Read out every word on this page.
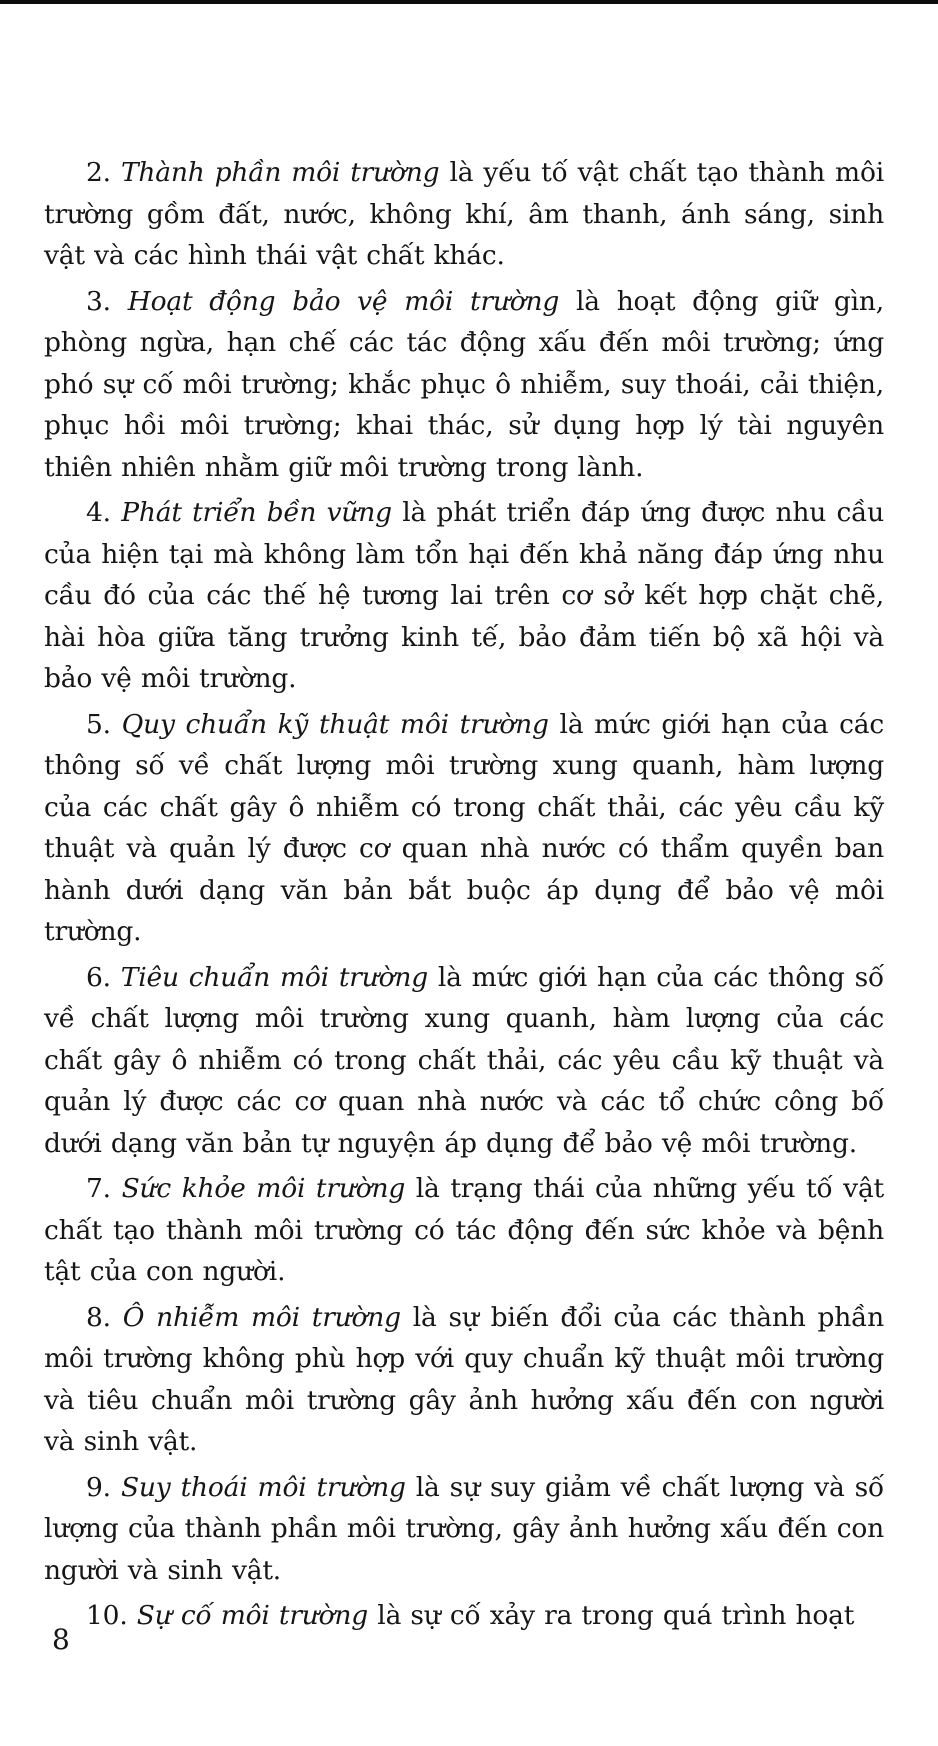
2. Thành phần môi trường là yếu tố vật chất tạo thành môi trường gồm đất, nước, không khí, âm thanh, ánh sáng, sinh vật và các hình thái vật chất khác.

3. Hoạt động bảo vệ môi trường là hoạt động giữ gìn, phòng ngừa, hạn chế các tác động xấu đến môi trường; ứng phó sự cố môi trường; khắc phục ô nhiễm, suy thoái, cải thiện, phục hồi môi trường; khai thác, sử dụng hợp lý tài nguyên thiên nhiên nhằm giữ môi trường trong lành.

4. Phát triển bền vững là phát triển đáp ứng được nhu cầu của hiện tại mà không làm tổn hại đến khả năng đáp ứng nhu cầu đó của các thế hệ tương lai trên cơ sở kết hợp chặt chẽ, hài hòa giữa tăng trưởng kinh tế, bảo đảm tiến bộ xã hội và bảo vệ môi trường.

5. Quy chuẩn kỹ thuật môi trường là mức giới hạn của các thông số về chất lượng môi trường xung quanh, hàm lượng của các chất gây ô nhiễm có trong chất thải, các yêu cầu kỹ thuật và quản lý được cơ quan nhà nước có thẩm quyền ban hành dưới dạng văn bản bắt buộc áp dụng để bảo vệ môi trường.

6. Tiêu chuẩn môi trường là mức giới hạn của các thông số về chất lượng môi trường xung quanh, hàm lượng của các chất gây ô nhiễm có trong chất thải, các yêu cầu kỹ thuật và quản lý được các cơ quan nhà nước và các tổ chức công bố dưới dạng văn bản tự nguyện áp dụng để bảo vệ môi trường.

7. Sức khỏe môi trường là trạng thái của những yếu tố vật chất tạo thành môi trường có tác động đến sức khỏe và bệnh tật của con người.

8. Ô nhiễm môi trường là sự biến đổi của các thành phần môi trường không phù hợp với quy chuẩn kỹ thuật môi trường và tiêu chuẩn môi trường gây ảnh hưởng xấu đến con người và sinh vật.

9. Suy thoái môi trường là sự suy giảm về chất lượng và số lượng của thành phần môi trường, gây ảnh hưởng xấu đến con người và sinh vật.

10. Sự cố môi trường là sự cố xảy ra trong quá trình hoạt

8
